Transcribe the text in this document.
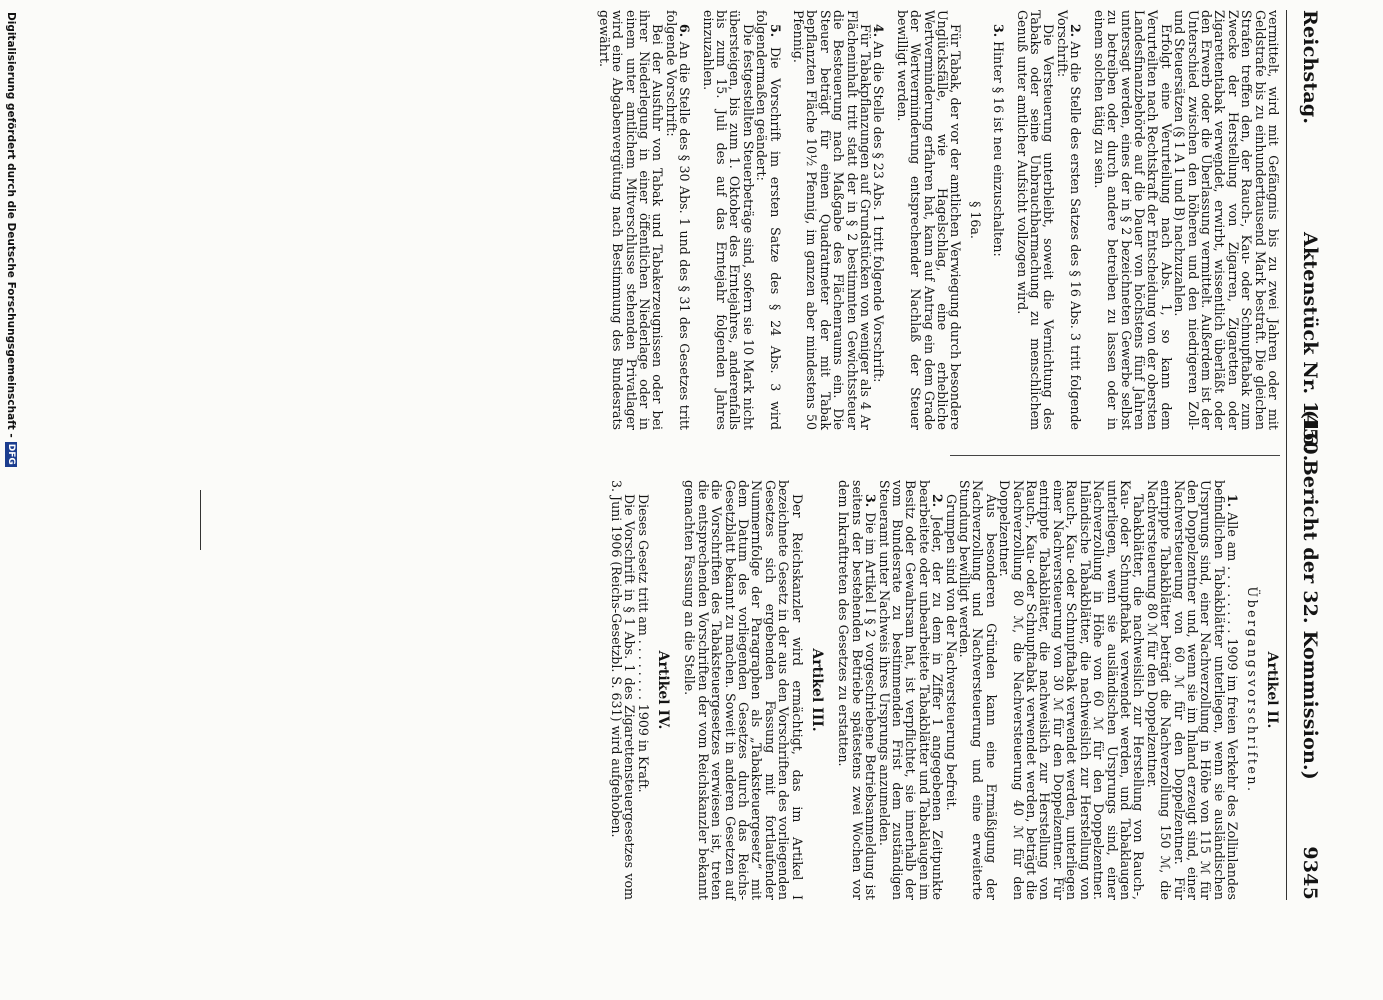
Reichstag.
Aktenstück Nr. 1450.
(16. Bericht der 32. Kommission.)
9345

vermittelt, wird mit Gefängnis bis zu zwei Jahren oder mit Geldstrafe bis zu einhunderttausend Mark bestraft. Die gleichen Strafen treffen den, der Rauch-, Kau- oder Schnupftabak zum Zwecke der Herstellung von Zigarren, Zigaretten oder Zigarettentabak verwendet, erwirbt, wissentlich überläßt oder den Erwerb oder die Überlassung vermittelt. Außerdem ist der Unterschied zwischen den höheren und den niedrigeren Zoll- und Steuersätzen (§ 1 A 1 und B) nachzuzahlen.

Erfolgt eine Verurteilung nach Abs. 1, so kann dem Verurteilten nach Rechtskraft der Entscheidung von der obersten Landesfinanzbehörde auf die Dauer von höchstens fünf Jahren untersagt werden, eines der in § 2 bezeichneten Gewerbe selbst zu betreiben oder durch andere betreiben zu lassen oder in einem solchen tätig zu sein.

2. An die Stelle des ersten Satzes des § 16 Abs. 3 tritt folgende Vorschrift:

Die Versteuerung unterbleibt, soweit die Vernichtung des Tabaks oder seine Unbrauchbarmachung zu menschlichem Genuß unter amtlicher Aufsicht vollzogen wird.

3. Hinter § 16 ist neu einzuschalten:

§ 16a.

Für Tabak, der vor der amtlichen Verwiegung durch besondere Unglücksfälle, wie Hagelschlag, eine erhebliche Wertverminderung erfahren hat, kann auf Antrag ein dem Grade der Wertverminderung entsprechender Nachlaß der Steuer bewilligt werden.

4. An die Stelle des § 23 Abs. 1 tritt folgende Vorschrift:

Für Tabakpflanzungen auf Grundstücken von weniger als 4 Ar Flächeninhalt tritt statt der in § 2 bestimmten Gewichtssteuer die Besteuerung nach Maßgabe des Flächenraums ein. Die Steuer beträgt für einen Quadratmeter der mit Tabak bepflanzten Fläche 10½ Pfennig, im ganzen aber mindestens 50 Pfennig.

5. Die Vorschrift im ersten Satze des § 24 Abs. 3 wird folgendermaßen geändert:

Die festgestellten Steuerbeträge sind, sofern sie 10 Mark nicht übersteigen, bis zum 1. Oktober des Erntejahres, anderenfalls bis zum 15. Juli des auf das Erntejahr folgenden Jahres einzuzahlen.

6. An die Stelle des § 30 Abs. 1 und des § 31 des Gesetzes tritt folgende Vorschrift:

Bei der Ausfuhr von Tabak und Tabakerzeugnissen oder bei ihrer Niederlegung in einer öffentlichen Niederlage oder in einem unter amtlichem Mitverschlusse stehenden Privatlager wird eine Abgabenvergütung nach Bestimmung des Bundesrats gewährt.

Artikel II.

Übergangsvorschriften.

1. Alle am . . . . . . . . 1909 im freien Verkehr des Zollinlandes befindlichen Tabakblätter unterliegen, wenn sie ausländischen Ursprungs sind, einer Nachverzollung in Höhe von 115 ℳ für den Doppelzentner und, wenn sie im Inland erzeugt sind, einer Nachversteuerung von 60 ℳ für den Doppelzentner. Für entrippte Tabakblätter beträgt die Nachverzollung 150 ℳ, die Nachversteuerung 80 ℳ für den Doppelzentner.

Tabakblätter, die nachweislich zur Herstellung von Rauch-, Kau- oder Schnupftabak verwendet werden, und Tabaklaugen unterliegen, wenn sie ausländischen Ursprungs sind, einer Nachverzollung in Höhe von 60 ℳ für den Doppelzentner. Inländische Tabakblätter, die nachweislich zur Herstellung von Rauch-, Kau- oder Schnupftabak verwendet werden, unterliegen einer Nachversteuerung von 30 ℳ für den Doppelzentner. Für entrippte Tabakblätter, die nachweislich zur Herstellung von Rauch-, Kau- oder Schnupftabak verwendet werden, beträgt die Nachverzollung 80 ℳ, die Nachversteuerung 40 ℳ für den Doppelzentner.

Aus besonderen Gründen kann eine Ermäßigung der Nachverzollung und Nachversteuerung und eine erweiterte Stundung bewilligt werden.

Grumpen sind von der Nachversteuerung befreit.

2. Jeder, der zu dem in Ziffer 1 angegebenen Zeitpunkte bearbeitete oder unbearbeitete Tabakblätter und Tabaklaugen im Besitz oder Gewahrsam hat, ist verpflichtet, sie innerhalb der vom Bundesrate zu bestimmenden Frist dem zuständigen Steueramt unter Nachweis ihres Ursprungs anzumelden.

3. Die im Artikel I § 2 vorgeschriebene Betriebsanmeldung ist seitens der bestehenden Betriebe spätestens zwei Wochen vor dem Inkrafttreten des Gesetzes zu erstatten.

Artikel III.

Der Reichskanzler wird ermächtigt, das im Artikel I bezeichnete Gesetz in der aus den Vorschriften des vorliegenden Gesetzes sich ergebenden Fassung mit fortlaufender Nummernfolge der Paragraphen als „Tabaksteuergesetz“ mit dem Datum des vorliegenden Gesetzes durch das Reichs-Gesetzblatt bekannt zu machen. Soweit in anderen Gesetzen auf die Vorschriften des Tabaksteuergesetzes verwiesen ist, treten die entsprechenden Vorschriften der vom Reichskanzler bekannt gemachten Fassung an die Stelle.

Artikel IV.

Dieses Gesetz tritt am . . . . . . . . 1909 in Kraft.

Die Vorschrift in § 1 Abs. 1 des Zigarettensteuergesetzes vom 3. Juni 1906 (Reichs-Gesetzbl. S. 631) wird aufgehoben.

Digitalisierung gefördert durch die Deutsche Forschungsgemeinschaft -DFG
